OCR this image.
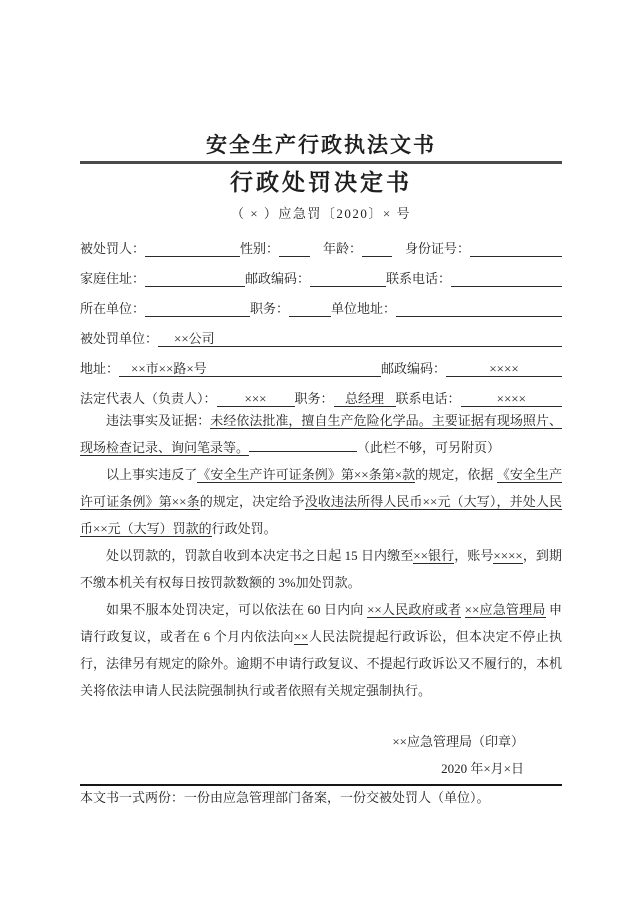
安全生产行政执法文书
行政处罚决定书
（ × ）应急罚〔2020〕× 号
被处罚人：	性别：	年龄：	身份证号：
家庭住址：	邮政编码：	联系电话：
所在单位：	职务：	单位地址：
被处罚单位：	××公司
地址： ××市××路×号	邮政编码：	××××
法定代表人（负责人）：	×××	职务： 总经理 联系电话：	××××
违法事实及证据：未经依法批准，擅自生产危险化学品。主要证据有现场照片、现场检查记录、询问笔录等。	（此栏不够，可另附页）
以上事实违反了《安全生产许可证条例》第××条第×款的规定，依据 《安全生产许可证条例》第××条的规定，决定给予没收违法所得人民币××元（大写），并处人民币××元（大写）罚款的行政处罚。
处以罚款的，罚款自收到本决定书之日起 15 日内缴至××银行，账号××××，到期不缴本机关有权每日按罚款数额的 3%加处罚款。
如果不服本处罚决定，可以依法在 60 日内向 ××人民政府或者 ××应急管理局 申请行政复议，或者在 6 个月内依法向××人民法院提起行政诉讼，但本决定不停止执行，法律另有规定的除外。逾期不申请行政复议、不提起行政诉讼又不履行的，本机关将依法申请人民法院强制执行或者依照有关规定强制执行。
××应急管理局（印章）
2020 年×月×日
本文书一式两份：一份由应急管理部门备案，一份交被处罚人（单位）。
